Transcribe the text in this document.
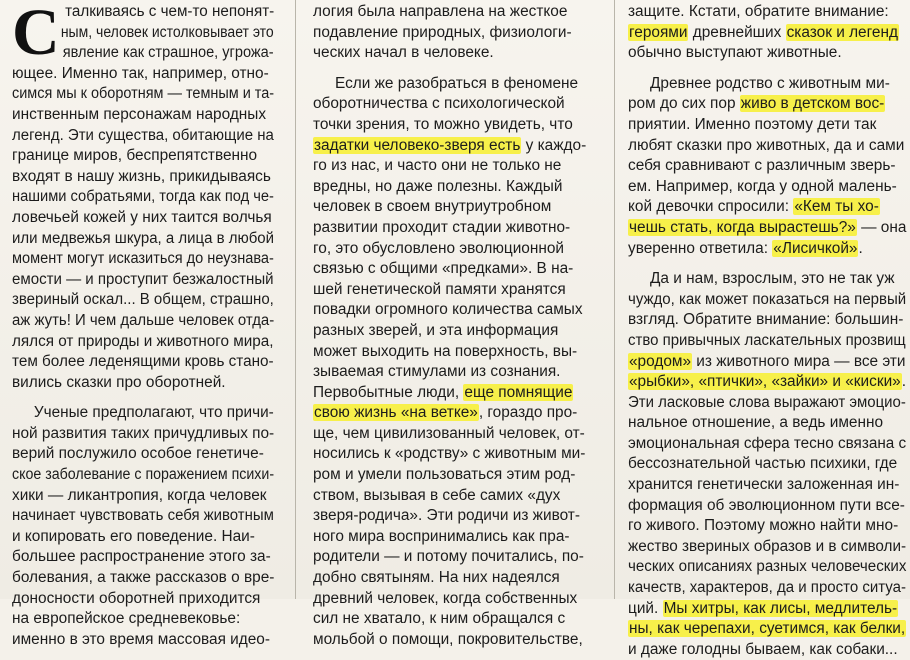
С талкиваясь с чем-то непонят-
ным, человек истолковывает это
явление как страшное, угрожа-
ющее. Именно так, например, отно-
симся мы к оборотням — темным и та-
инственным персонажам народных
легенд. Эти существа, обитающие на
границе миров, беспрепятственно
входят в нашу жизнь, прикидываясь
нашими собратьями, тогда как под че-
ловечьей кожей у них таится волчья
или медвежья шкура, а лица в любой
момент могут исказиться до неузнава-
емости — и проступит безжалостный
звериный оскал... В общем, страшно,
аж жуть! И чем дальше человек отда-
лялся от природы и животного мира,
тем более леденящими кровь стано-
вились сказки про оборотней.
Ученые предполагают, что причи-
ной развития таких причудливых по-
верий послужило особое генетиче-
ское заболевание с поражением психи-
хики — ликантропия, когда человек
начинает чувствовать себя животным
и копировать его поведение. Наи-
большее распространение этого за-
болевания, а также рассказов о вре-
доносности оборотней приходится
на европейское средневековье:
именно в это время массовая идео-
логия была направлена на жесткое
подавление природных, физиологи-
ческих начал в человеке.
Если же разобраться в феномене
оборотничества с психологической
точки зрения, то можно увидеть, что
задатки человеко-зверя есть у каждо-
го из нас, и часто они не только не
вредны, но даже полезны. Каждый
человек в своем внутриутробном
развитии проходит стадии животно-
го, это обусловлено эволюционной
связью с общими «предками». В на-
шей генетической памяти хранятся
повадки огромного количества самых
разных зверей, и эта информация
может выходить на поверхность, вы-
зываемая стимулами из сознания.
Первобытные люди, еще помнящие
свою жизнь «на ветке», гораздо про-
ще, чем цивилизованный человек, от-
носились к «родству» с животным ми-
ром и умели пользоваться этим род-
ством, вызывая в себе самих «дух
зверя-родича». Эти родичи из живот-
ного мира воспринимались как пра-
родители — и потому почитались, по-
добно святыням. На них надеялся
древний человек, когда собственных
сил не хватало, к ним обращался с
мольбой о помощи, покровительстве,
защите. Кстати, обратите внимание:
героями древнейших сказок и легенд
обычно выступают животные.
Древнее родство с животным ми-
ром до сих пор живо в детском вос-
приятии. Именно поэтому дети так
любят сказки про животных, да и сами
себя сравнивают с различным зверь-
ем. Например, когда у одной малень-
кой девочки спросили: «Кем ты хо-
чешь стать, когда вырастешь?» — она
уверенно ответила: «Лисичкой».
Да и нам, взрослым, это не так уж
чуждо, как может показаться на первый
взгляд. Обратите внимание: большин-
ство привычных ласкательных прозвищ
«родом» из животного мира — все эти
«рыбки», «птички», «зайки» и «киски».
Эти ласковые слова выражают эмоцио-
нальное отношение, а ведь именно
эмоциональная сфера тесно связана с
бессознательной частью психики, где
хранится генетически заложенная ин-
формация об эволюционном пути все-
го живого. Поэтому можно найти мно-
жество звериных образов и в символи-
ческих описаниях разных человеческих
качеств, характеров, да и просто ситуа-
ций. Мы хитры, как лисы, медлитель-
ны, как черепахи, суетимся, как белки,
и даже голодны бываем, как собаки...
